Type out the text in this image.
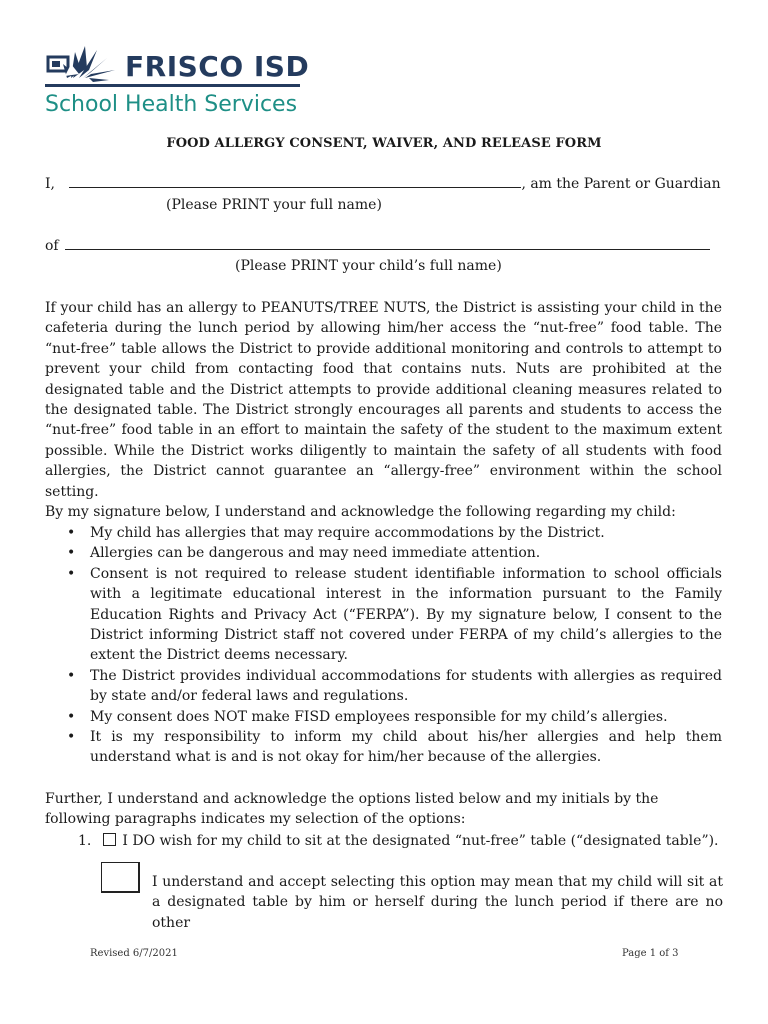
FRISCO ISD
School Health Services
FOOD ALLERGY CONSENT, WAIVER, AND RELEASE FORM
I,	, am the Parent or Guardian
(Please PRINT your full name)
of
(Please PRINT your child’s full name)
If your child has an allergy to PEANUTS/TREE NUTS, the District is assisting your child in the cafeteria during the lunch period by allowing him/her access the “nut-free” food table. The “nut-free” table allows the District to provide additional monitoring and controls to attempt to prevent your child from contacting food that contains nuts. Nuts are prohibited at the designated table and the District attempts to provide additional cleaning measures related to the designated table. The District strongly encourages all parents and students to access the “nut-free” food table in an effort to maintain the safety of the student to the maximum extent possible. While the District works diligently to maintain the safety of all students with food allergies, the District cannot guarantee an “allergy-free” environment within the school setting.
By my signature below, I understand and acknowledge the following regarding my child:
• My child has allergies that may require accommodations by the District.
• Allergies can be dangerous and may need immediate attention.
• Consent is not required to release student identifiable information to school officials with a legitimate educational interest in the information pursuant to the Family Education Rights and Privacy Act (“FERPA”). By my signature below, I consent to the District informing District staff not covered under FERPA of my child’s allergies to the extent the District deems necessary.
• The District provides individual accommodations for students with allergies as required by state and/or federal laws and regulations.
• My consent does NOT make FISD employees responsible for my child’s allergies.
• It is my responsibility to inform my child about his/her allergies and help them understand what is and is not okay for him/her because of the allergies.
Further, I understand and acknowledge the options listed below and my initials by the following paragraphs indicates my selection of the options:
1. I DO wish for my child to sit at the designated “nut-free” table (“designated table”).
I understand and accept selecting this option may mean that my child will sit at a designated table by him or herself during the lunch period if there are no other
Revised 6/7/2021	Page 1 of 3
